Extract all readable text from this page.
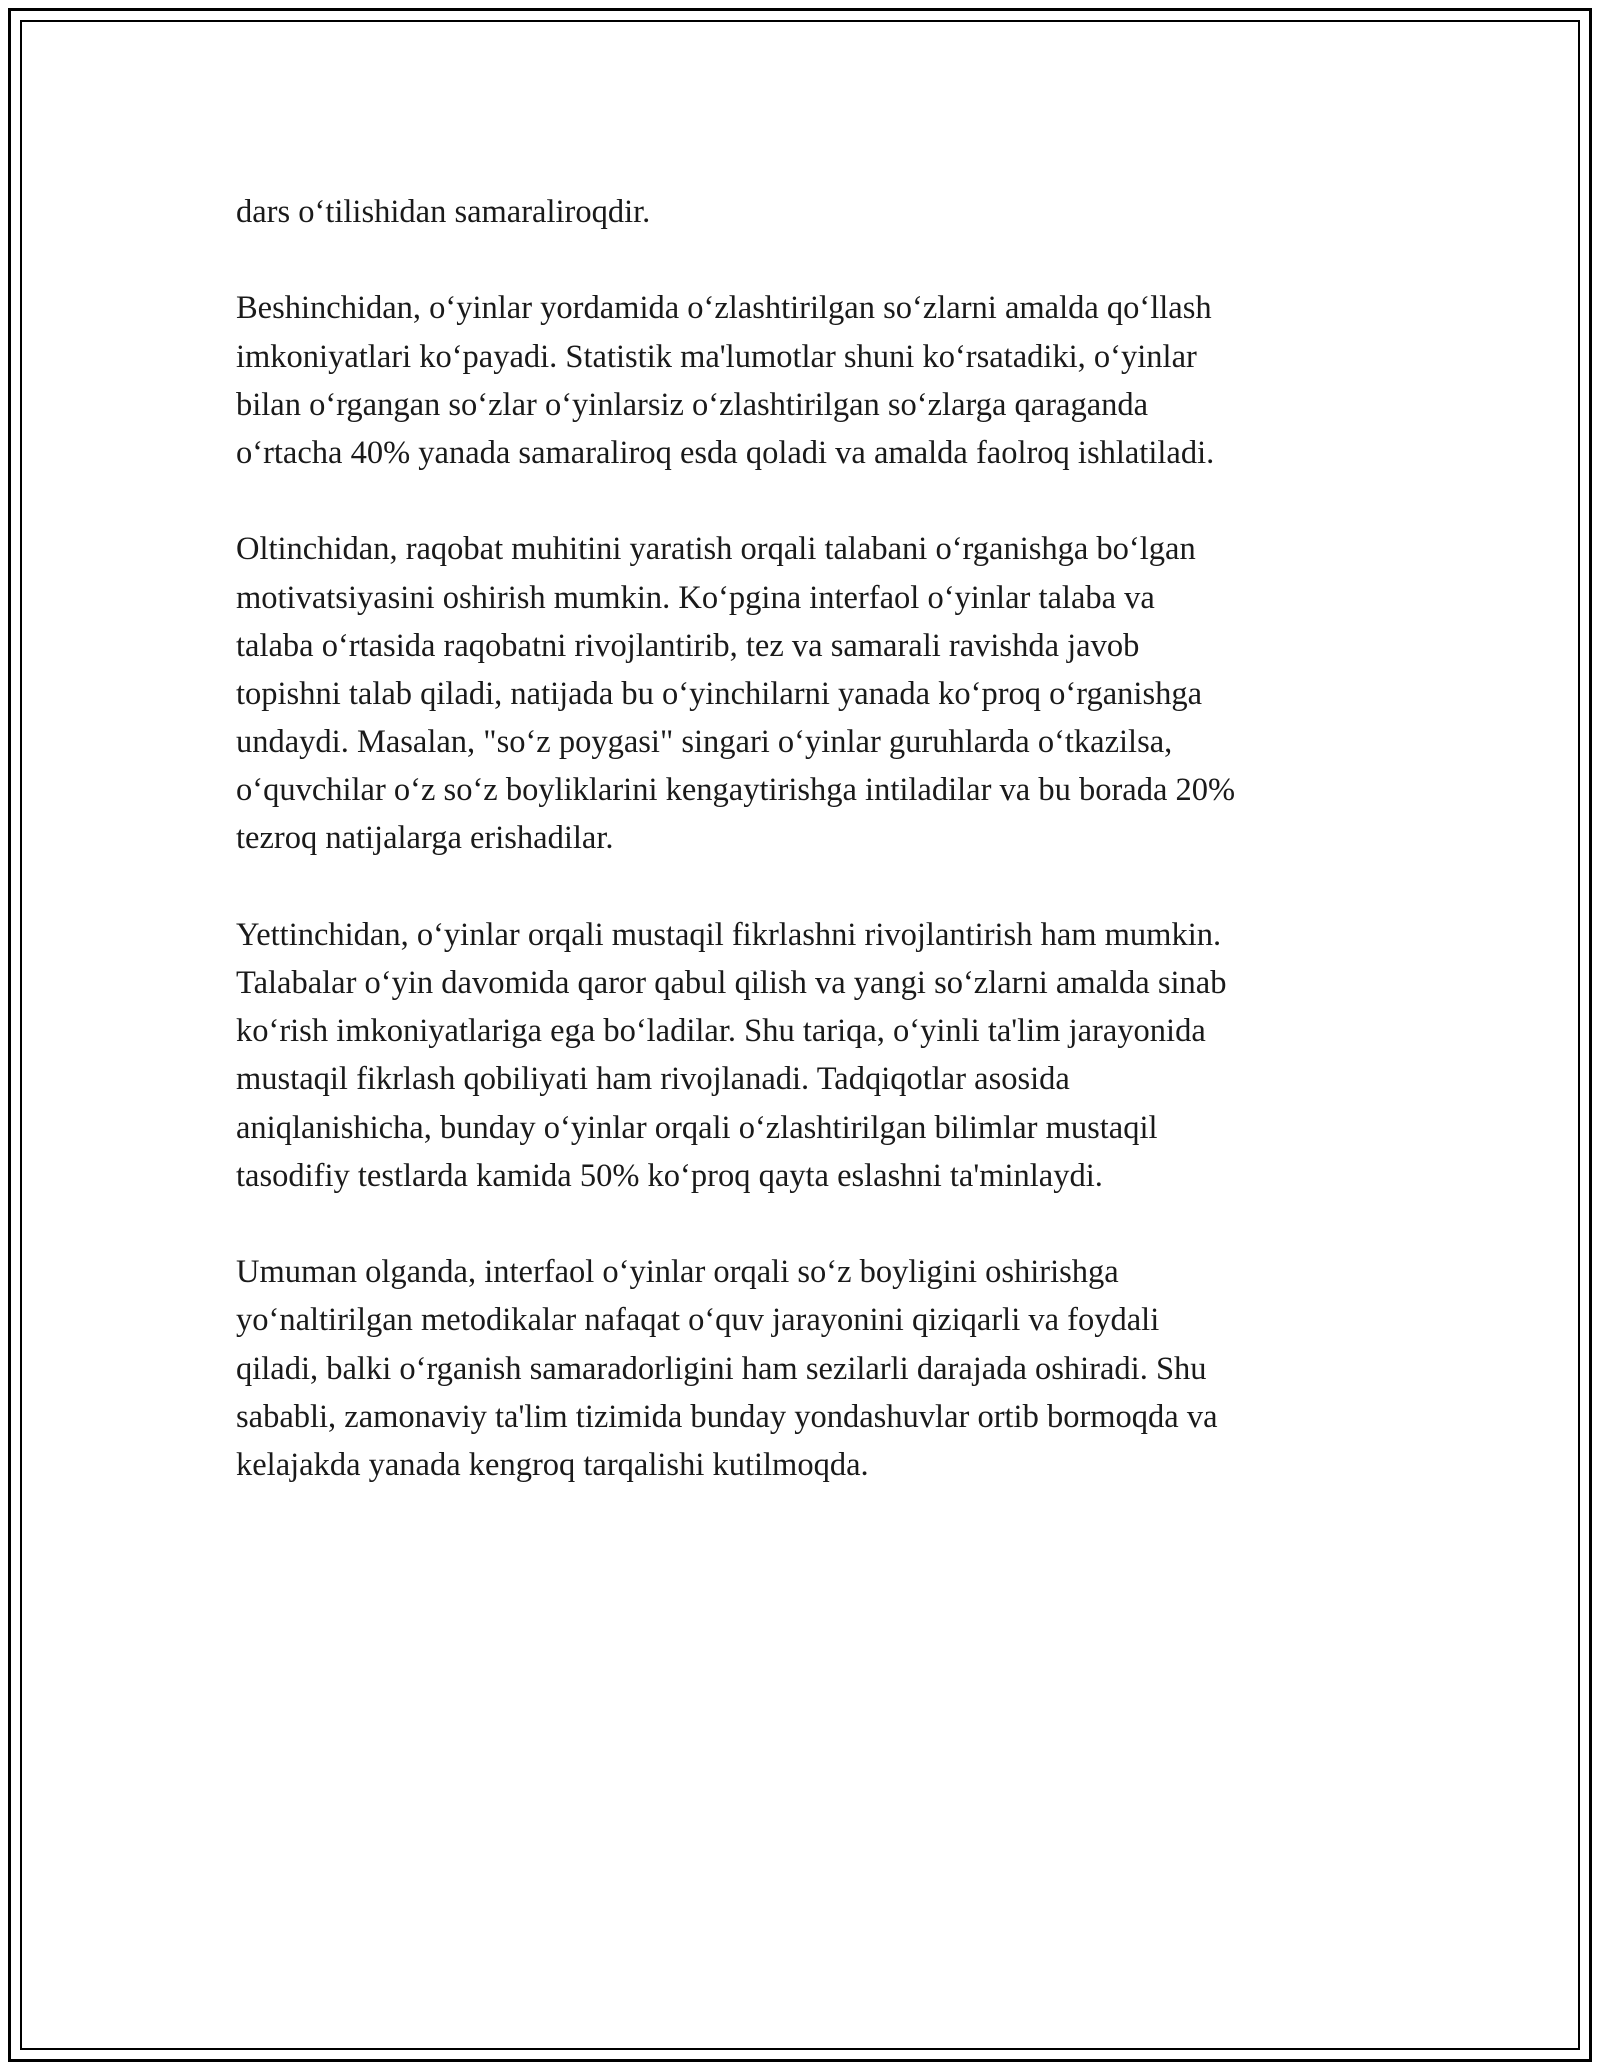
dars oʻtilishidan samaraliroqdir.

Beshinchidan, oʻyinlar yordamida oʻzlashtirilgan soʻzlarni amalda qoʻllash
imkoniyatlari koʻpayadi. Statistik ma'lumotlar shuni koʻrsatadiki, oʻyinlar
bilan oʻrgangan soʻzlar oʻyinlarsiz oʻzlashtirilgan soʻzlarga qaraganda
oʻrtacha 40% yanada samaraliroq esda qoladi va amalda faolroq ishlatiladi.

Oltinchidan, raqobat muhitini yaratish orqali talabani oʻrganishga boʻlgan
motivatsiyasini oshirish mumkin. Koʻpgina interfaol oʻyinlar talaba va
talaba oʻrtasida raqobatni rivojlantirib, tez va samarali ravishda javob
topishni talab qiladi, natijada bu oʻyinchilarni yanada koʻproq oʻrganishga
undaydi. Masalan, "soʻz poygasi" singari oʻyinlar guruhlarda oʻtkazilsa,
oʻquvchilar oʻz soʻz boyliklarini kengaytirishga intiladilar va bu borada 20%
tezroq natijalarga erishadilar.

Yettinchidan, oʻyinlar orqali mustaqil fikrlashni rivojlantirish ham mumkin.
Talabalar oʻyin davomida qaror qabul qilish va yangi soʻzlarni amalda sinab
koʻrish imkoniyatlariga ega boʻladilar. Shu tariqa, oʻyinli ta'lim jarayonida
mustaqil fikrlash qobiliyati ham rivojlanadi. Tadqiqotlar asosida
aniqlanishicha, bunday oʻyinlar orqali oʻzlashtirilgan bilimlar mustaqil
tasodifiy testlarda kamida 50% koʻproq qayta eslashni ta'minlaydi.

Umuman olganda, interfaol oʻyinlar orqali soʻz boyligini oshirishga
yoʻnaltirilgan metodikalar nafaqat oʻquv jarayonini qiziqarli va foydali
qiladi, balki oʻrganish samaradorligini ham sezilarli darajada oshiradi. Shu
sababli, zamonaviy ta'lim tizimida bunday yondashuvlar ortib bormoqda va
kelajakda yanada kengroq tarqalishi kutilmoqda.
